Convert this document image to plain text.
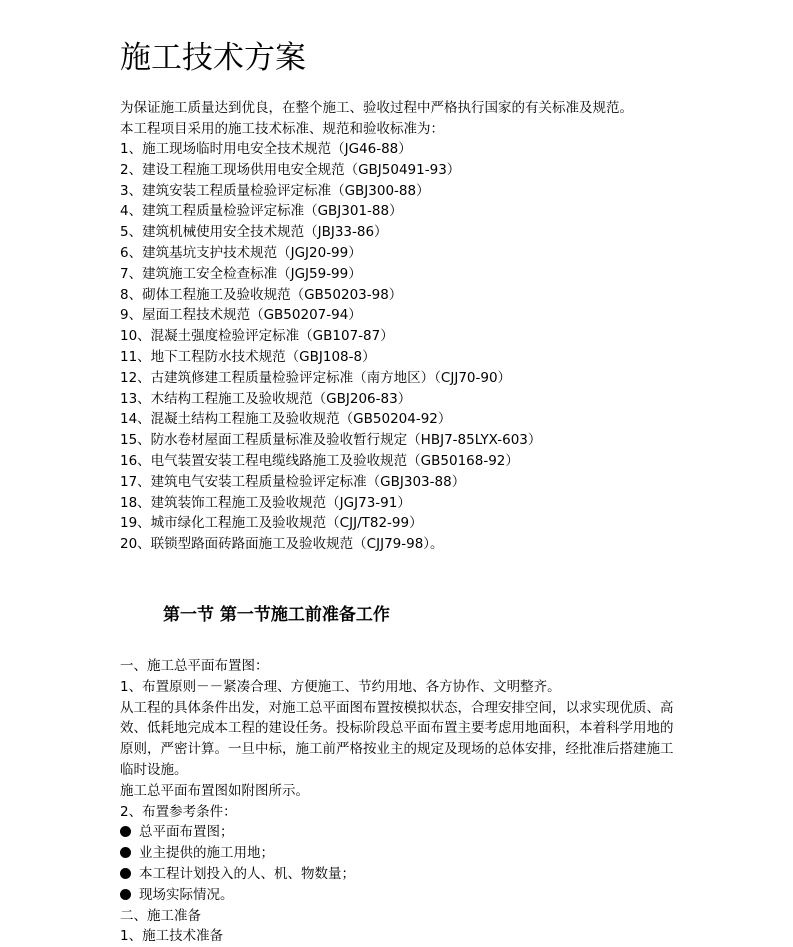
施工技术方案

为保证施工质量达到优良，在整个施工、验收过程中严格执行国家的有关标准及规范。

本工程项目采用的施工技术标准、规范和验收标准为：

1、施工现场临时用电安全技术规范（JG46-88）

2、建设工程施工现场供用电安全规范（GBJ50491-93）

3、建筑安装工程质量检验评定标准（GBJ300-88）

4、建筑工程质量检验评定标准（GBJ301-88）

5、建筑机械使用安全技术规范（JBJ33-86）

6、建筑基坑支护技术规范（JGJ20-99）

7、建筑施工安全检查标准（JGJ59-99）

8、砌体工程施工及验收规范（GB50203-98）

9、屋面工程技术规范（GB50207-94）

10、混凝土强度检验评定标准（GB107-87）

11、地下工程防水技术规范（GBJ108-8）

12、古建筑修建工程质量检验评定标准（南方地区）（CJJ70-90）

13、木结构工程施工及验收规范（GBJ206-83）

14、混凝土结构工程施工及验收规范（GB50204-92）

15、防水卷材屋面工程质量标准及验收暂行规定（HBJ7-85LYX-603）

16、电气装置安装工程电缆线路施工及验收规范（GB50168-92）

17、建筑电气安装工程质量检验评定标准（GBJ303-88）

18、建筑装饰工程施工及验收规范（JGJ73-91）

19、城市绿化工程施工及验收规范（CJJ/T82-99）

20、联锁型路面砖路面施工及验收规范（CJJ79-98）。

第一节 第一节施工前准备工作

一、施工总平面布置图：

1、布置原则－－紧凑合理、方便施工、节约用地、各方协作、文明整齐。

从工程的具体条件出发，对施工总平面图布置按模拟状态，合理安排空间，以求实现优质、高效、低耗地完成本工程的建设任务。投标阶段总平面布置主要考虑用地面积，本着科学用地的原则，严密计算。一旦中标，施工前严格按业主的规定及现场的总体安排，经批准后搭建施工临时设施。

施工总平面布置图如附图所示。

2、布置参考条件：

总平面布置图；

业主提供的施工用地；

本工程计划投入的人、机、物数量；

现场实际情况。

二、施工准备

1、施工技术准备
